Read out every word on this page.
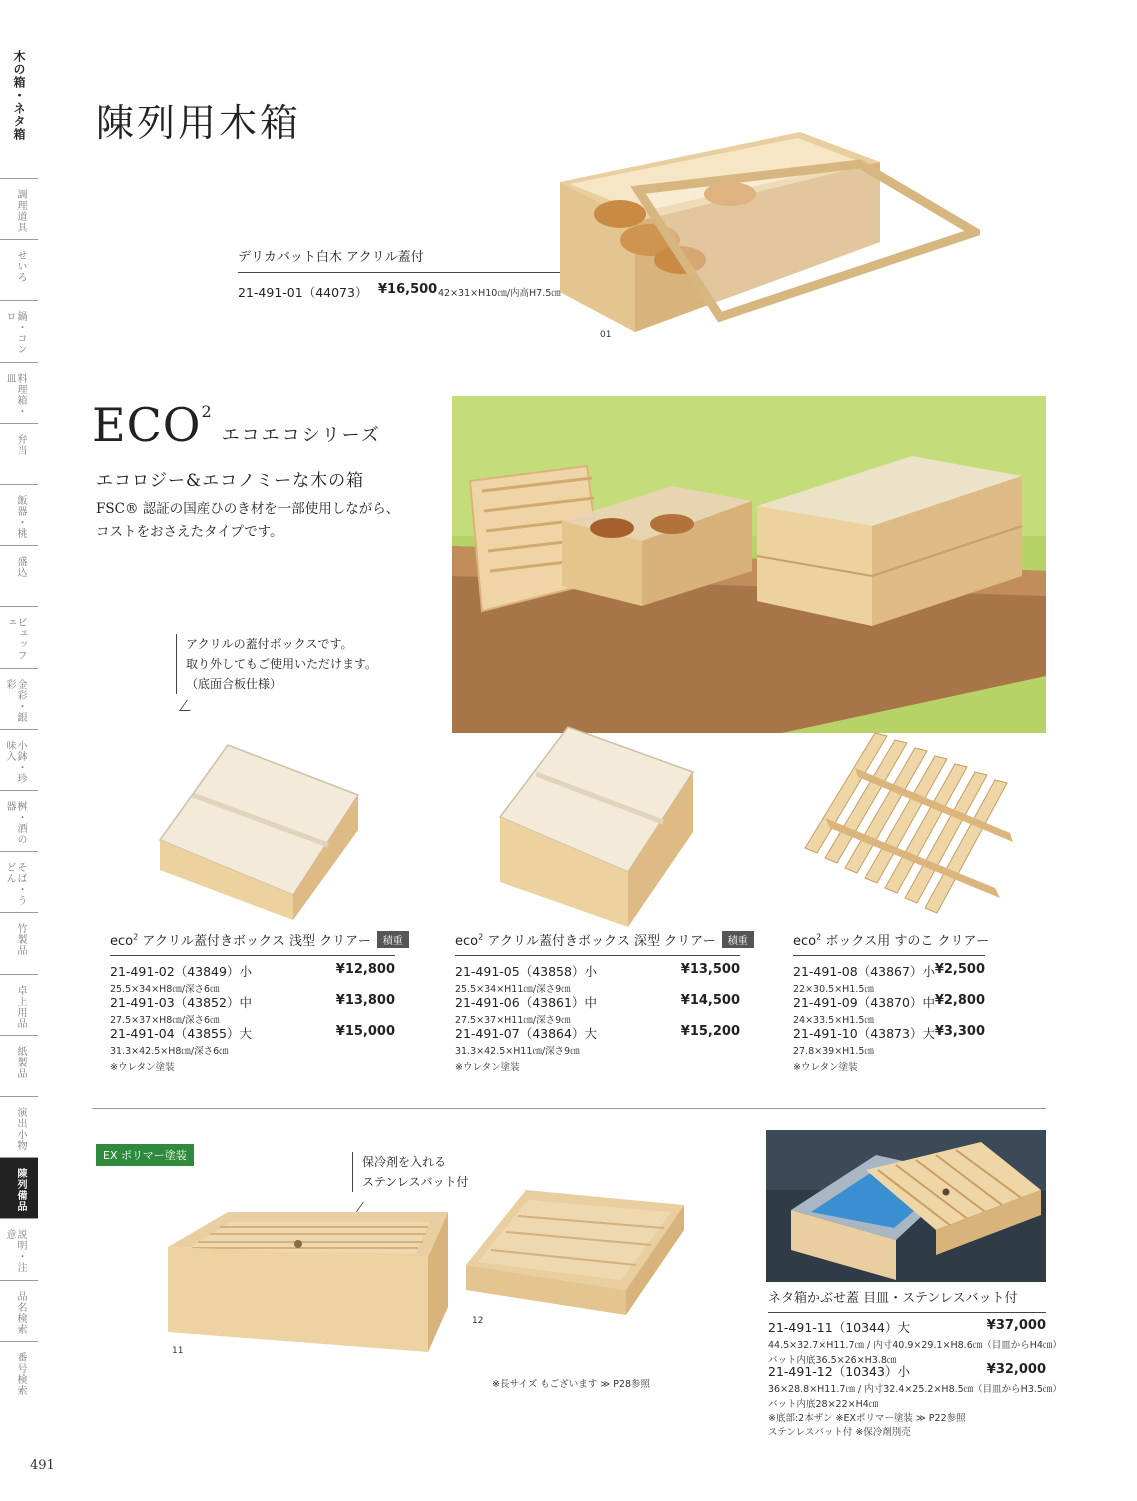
木の箱・ネタ箱
調理道具
せいろ
鍋・コンロ
料理箱・皿
弁当
飯器・桃
盛込
ビュッフェ
金彩・銀彩
小鉢・珍味入
桝・酒の器
そば・うどん
竹製品
卓上用品
紙製品
演出小物
陳列備品
説明・注意
品名検索
番号検索
491
陳列用木箱
デリカバット白木 アクリル蓋付
21-491-01（44073） ¥16,500 42×31×H10㎝/内高H7.5㎝
01
ECO2エコエコシリーズ
エコロジー&エコノミーな木の箱
FSC® 認証の国産ひのき材を一部使用しながら、
コストをおさえたタイプです。
アクリルの蓋付ボックスです。
取り外してもご使用いただけます。
（底面合板仕様）
eco$^2$ アクリル蓋付きボックス 浅型 クリアー 積重	eco$^2$ アクリル蓋付きボックス 深型 クリアー 積重	eco$^2$ ボックス用 すのこ クリアー
21-491-02（43849）小	¥12,800
25.5×34×H8㎝/深さ6㎝
21-491-03（43852）中	¥13,800
27.5×37×H8㎝/深さ6㎝
21-491-04（43855）大	¥15,000
31.3×42.5×H8㎝/深さ6㎝
※ウレタン塗装
21-491-05（43858）小	¥13,500
25.5×34×H11㎝/深さ9㎝
21-491-06（43861）中	¥14,500
27.5×37×H11㎝/深さ9㎝
21-491-07（43864）大	¥15,200
31.3×42.5×H11㎝/深さ9㎝
※ウレタン塗装
21-491-08（43867）小 ¥2,500
22×30.5×H1.5㎝
21-491-09（43870）中 ¥2,800
24×33.5×H1.5㎝
21-491-10（43873）大 ¥3,300
27.8×39×H1.5㎝
※ウレタン塗装
EX ポリマー塗装	保冷剤を入れる
ステンレスバット付
11
12
※長サイズ もございます ≫ P28参照
ネタ箱かぶせ蓋 目皿・ステンレスバット付
21-491-11（10344）大	¥37,000
44.5×32.7×H11.7㎝ / 内寸40.9×29.1×H8.6㎝（目皿からH4㎝）
バット内底36.5×26×H3.8㎝
21-491-12（10343）小	¥32,000
36×28.8×H11.7㎝ / 内寸32.4×25.2×H8.5㎝（目皿からH3.5㎝）
バット内底28×22×H4㎝
※底部:2本ザン ※EXポリマー塗装 ≫ P22参照
ステンレスバット付 ※保冷剤別売
